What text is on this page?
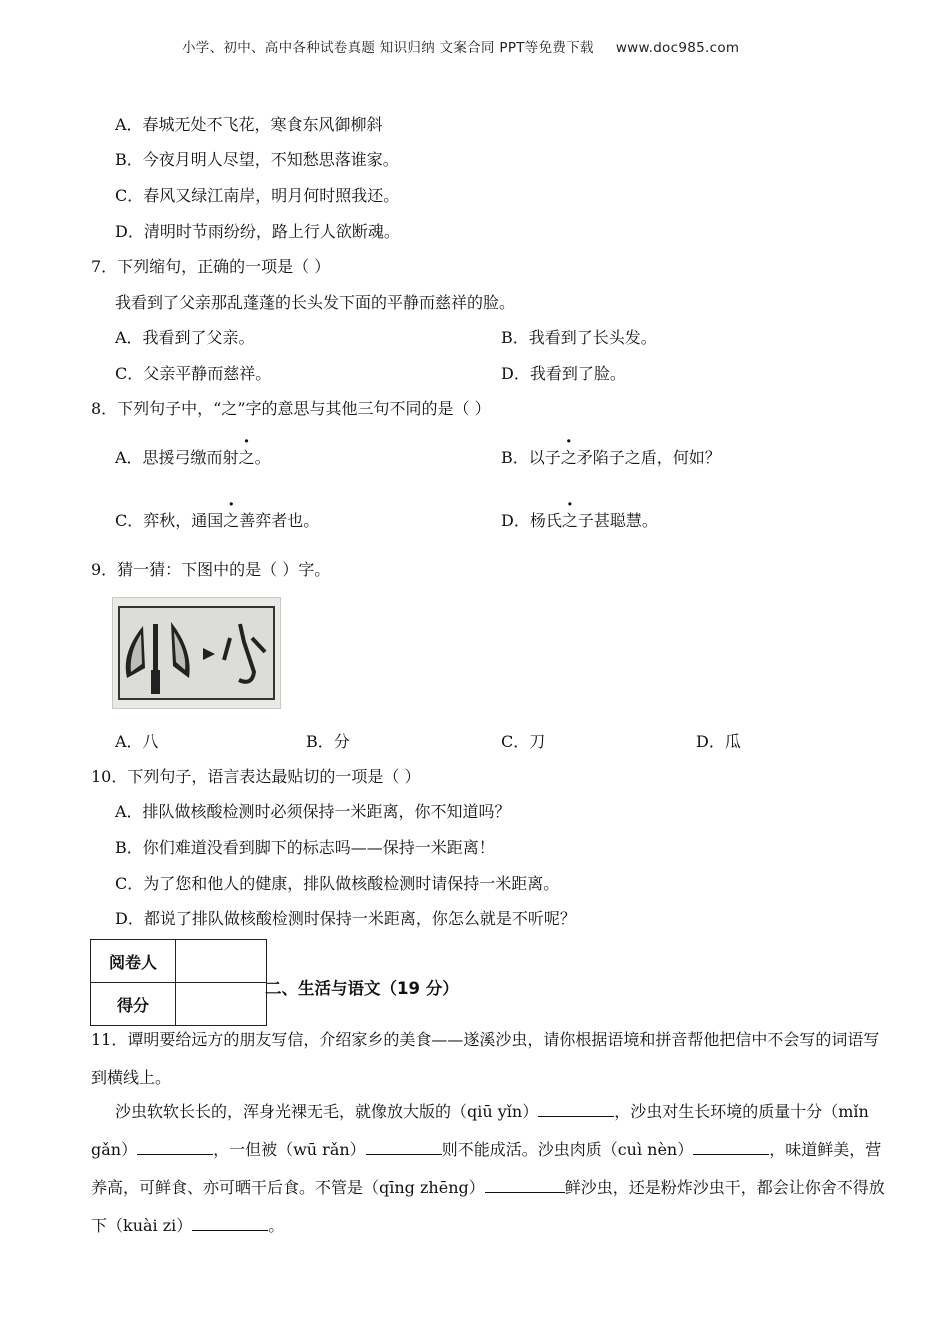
小学、初中、高中各种试卷真题 知识归纳 文案合同 PPT等免费下载 www.doc985.com
A．春城无处不飞花，寒食东风御柳斜
B．今夜月明人尽望，不知愁思落谁家。
C．春风又绿江南岸，明月何时照我还。
D．清明时节雨纷纷，路上行人欲断魂。
7．下列缩句，正确的一项是（ ）
我看到了父亲那乱蓬蓬的长头发下面的平静而慈祥的脸。
A．我看到了父亲。	B．我看到了长头发。
C．父亲平静而慈祥。	D．我看到了脸。
8．下列句子中，“之”字的意思与其他三句不同的是（ ）
A．思援弓缴而射之。	B．以子之矛陷子之盾，何如？
C．弈秋，通国之善弈者也。	D．杨氏之子甚聪慧。
9．猜一猜：下图中的是（ ）字。
A．八	B．分	C．刀	D．瓜
10．下列句子，语言表达最贴切的一项是（ ）
A．排队做核酸检测时必须保持一米距离，你不知道吗？
B．你们难道没看到脚下的标志吗——保持一米距离！
C．为了您和他人的健康，排队做核酸检测时请保持一米距离。
D．都说了排队做核酸检测时保持一米距离，你怎么就是不听呢？
阅卷人	
得分	
二、生活与语文（19 分）
11．谭明要给远方的朋友写信，介绍家乡的美食——遂溪沙虫，请你根据语境和拼音帮他把信中不会写的词语写到横线上。
沙虫软软长长的，浑身光裸无毛，就像放大版的（qiū yǐn）	，沙虫对生长环境的质量十分（mǐn gǎn）	，一但被（wū rǎn）	则不能成活。沙虫肉质（cuì nèn）	，味道鲜美，营养高，可鲜食、亦可晒干后食。不管是（qīng zhēng）	鲜沙虫，还是粉炸沙虫干，都会让你舍不得放下（kuài zi）	。
